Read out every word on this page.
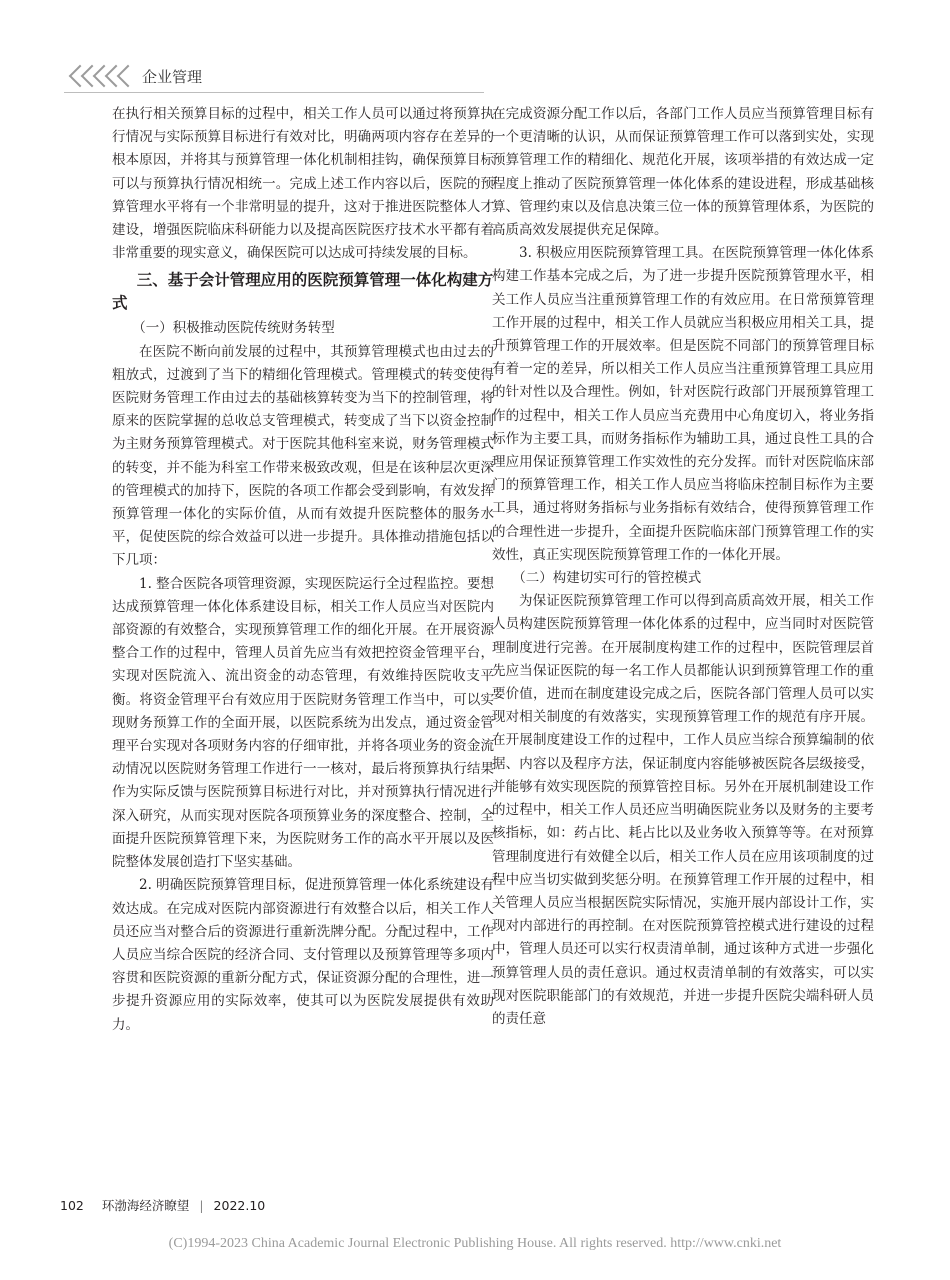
企业管理

在执行相关预算目标的过程中，相关工作人员可以通过将预算执行情况与实际预算目标进行有效对比，明确两项内容存在差异的根本原因，并将其与预算管理一体化机制相挂钩，确保预算目标可以与预算执行情况相统一。完成上述工作内容以后，医院的预算管理水平将有一个非常明显的提升，这对于推进医院整体人才建设，增强医院临床科研能力以及提高医院医疗技术水平都有着非常重要的现实意义，确保医院可以达成可持续发展的目标。

三、基于会计管理应用的医院预算管理一体化构建方式
（一）积极推动医院传统财务转型

在医院不断向前发展的过程中，其预算管理模式也由过去的粗放式，过渡到了当下的精细化管理模式。管理模式的转变使得医院财务管理工作由过去的基础核算转变为当下的控制管理，将原来的医院掌握的总收总支管理模式，转变成了当下以资金控制为主财务预算管理模式。对于医院其他科室来说，财务管理模式的转变，并不能为科室工作带来极致改观，但是在该种层次更深的管理模式的加持下，医院的各项工作都会受到影响，有效发挥预算管理一体化的实际价值，从而有效提升医院整体的服务水平，促使医院的综合效益可以进一步提升。具体推动措施包括以下几项：

1. 整合医院各项管理资源，实现医院运行全过程监控。要想达成预算管理一体化体系建设目标，相关工作人员应当对医院内部资源的有效整合，实现预算管理工作的细化开展。在开展资源整合工作的过程中，管理人员首先应当有效把控资金管理平台，实现对医院流入、流出资金的动态管理，有效维持医院收支平衡。将资金管理平台有效应用于医院财务管理工作当中，可以实现财务预算工作的全面开展，以医院系统为出发点，通过资金管理平台实现对各项财务内容的仔细审批，并将各项业务的资金流动情况以医院财务管理工作进行一一核对，最后将预算执行结果作为实际反馈与医院预算目标进行对比，并对预算执行情况进行深入研究，从而实现对医院各项预算业务的深度整合、控制，全面提升医院预算管理下来，为医院财务工作的高水平开展以及医院整体发展创造打下坚实基础。

2. 明确医院预算管理目标，促进预算管理一体化系统建设有效达成。在完成对医院内部资源进行有效整合以后，相关工作人员还应当对整合后的资源进行重新洗牌分配。分配过程中，工作人员应当综合医院的经济合同、支付管理以及预算管理等多项内容贯和医院资源的重新分配方式，保证资源分配的合理性，进一步提升资源应用的实际效率，使其可以为医院发展提供有效助力。

在完成资源分配工作以后，各部门工作人员应当预算管理目标有一个更清晰的认识，从而保证预算管理工作可以落到实处，实现预算管理工作的精细化、规范化开展，该项举措的有效达成一定程度上推动了医院预算管理一体化体系的建设进程，形成基础核算、管理约束以及信息决策三位一体的预算管理体系，为医院的高质高效发展提供充足保障。

3. 积极应用医院预算管理工具。在医院预算管理一体化体系构建工作基本完成之后，为了进一步提升医院预算管理水平，相关工作人员应当注重预算管理工作的有效应用。在日常预算管理工作开展的过程中，相关工作人员就应当积极应用相关工具，提升预算管理工作的开展效率。但是医院不同部门的预算管理目标有着一定的差异，所以相关工作人员应当注重预算管理工具应用的针对性以及合理性。例如，针对医院行政部门开展预算管理工作的过程中，相关工作人员应当充费用中心角度切入，将业务指标作为主要工具，而财务指标作为辅助工具，通过良性工具的合理应用保证预算管理工作实效性的充分发挥。而针对医院临床部门的预算管理工作，相关工作人员应当将临床控制目标作为主要工具，通过将财务指标与业务指标有效结合，使得预算管理工作的合理性进一步提升，全面提升医院临床部门预算管理工作的实效性，真正实现医院预算管理工作的一体化开展。

（二）构建切实可行的管控模式

为保证医院预算管理工作可以得到高质高效开展，相关工作人员构建医院预算管理一体化体系的过程中，应当同时对医院管理制度进行完善。在开展制度构建工作的过程中，医院管理层首先应当保证医院的每一名工作人员都能认识到预算管理工作的重要价值，进而在制度建设完成之后，医院各部门管理人员可以实现对相关制度的有效落实，实现预算管理工作的规范有序开展。在开展制度建设工作的过程中，工作人员应当综合预算编制的依据、内容以及程序方法，保证制度内容能够被医院各层级接受，并能够有效实现医院的预算管控目标。另外在开展机制建设工作的过程中，相关工作人员还应当明确医院业务以及财务的主要考核指标，如：药占比、耗占比以及业务收入预算等等。在对预算管理制度进行有效健全以后，相关工作人员在应用该项制度的过程中应当切实做到奖惩分明。在预算管理工作开展的过程中，相关管理人员应当根据医院实际情况，实施开展内部设计工作，实现对内部进行的再控制。在对医院预算管控模式进行建设的过程中，管理人员还可以实行权责清单制，通过该种方式进一步强化预算管理人员的责任意识。通过权责清单制的有效落实，可以实现对医院职能部门的有效规范，并进一步提升医院尖端科研人员的责任意

102 环渤海经济瞭望 | 2022.10
(C)1994-2023 China Academic Journal Electronic Publishing House. All rights reserved. http://www.cnki.net
